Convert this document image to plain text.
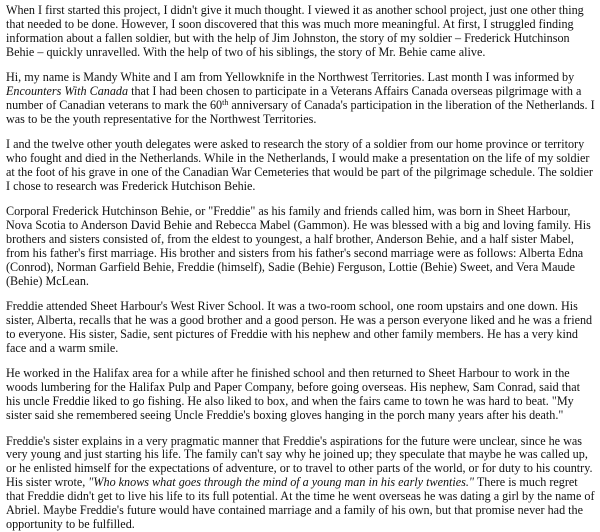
When I first started this project, I didn't give it much thought. I viewed it as another school project, just one other thing that needed to be done. However, I soon discovered that this was much more meaningful. At first, I struggled finding information about a fallen soldier, but with the help of Jim Johnston, the story of my soldier – Frederick Hutchinson Behie – quickly unravelled. With the help of two of his siblings, the story of Mr. Behie came alive.

Hi, my name is Mandy White and I am from Yellowknife in the Northwest Territories. Last month I was informed by Encounters With Canada that I had been chosen to participate in a Veterans Affairs Canada overseas pilgrimage with a number of Canadian veterans to mark the 60th anniversary of Canada's participation in the liberation of the Netherlands. I was to be the youth representative for the Northwest Territories.

I and the twelve other youth delegates were asked to research the story of a soldier from our home province or territory who fought and died in the Netherlands. While in the Netherlands, I would make a presentation on the life of my soldier at the foot of his grave in one of the Canadian War Cemeteries that would be part of the pilgrimage schedule. The soldier I chose to research was Frederick Hutchison Behie.

Corporal Frederick Hutchinson Behie, or "Freddie" as his family and friends called him, was born in Sheet Harbour, Nova Scotia to Anderson David Behie and Rebecca Mabel (Gammon). He was blessed with a big and loving family. His brothers and sisters consisted of, from the eldest to youngest, a half brother, Anderson Behie, and a half sister Mabel, from his father's first marriage. His brother and sisters from his father's second marriage were as follows: Alberta Edna (Conrod), Norman Garfield Behie, Freddie (himself), Sadie (Behie) Ferguson, Lottie (Behie) Sweet, and Vera Maude (Behie) McLean.

Freddie attended Sheet Harbour's West River School. It was a two-room school, one room upstairs and one down. His sister, Alberta, recalls that he was a good brother and a good person. He was a person everyone liked and he was a friend to everyone. His sister, Sadie, sent pictures of Freddie with his nephew and other family members. He has a very kind face and a warm smile.

He worked in the Halifax area for a while after he finished school and then returned to Sheet Harbour to work in the woods lumbering for the Halifax Pulp and Paper Company, before going overseas. His nephew, Sam Conrad, said that his uncle Freddie liked to go fishing. He also liked to box, and when the fairs came to town he was hard to beat. "My sister said she remembered seeing Uncle Freddie's boxing gloves hanging in the porch many years after his death."

Freddie's sister explains in a very pragmatic manner that Freddie's aspirations for the future were unclear, since he was very young and just starting his life. The family can't say why he joined up; they speculate that maybe he was called up, or he enlisted himself for the expectations of adventure, or to travel to other parts of the world, or for duty to his country. His sister wrote, "Who knows what goes through the mind of a young man in his early twenties." There is much regret that Freddie didn't get to live his life to its full potential. At the time he went overseas he was dating a girl by the name of Abriel. Maybe Freddie's future would have contained marriage and a family of his own, but that promise never had the opportunity to be fulfilled.
